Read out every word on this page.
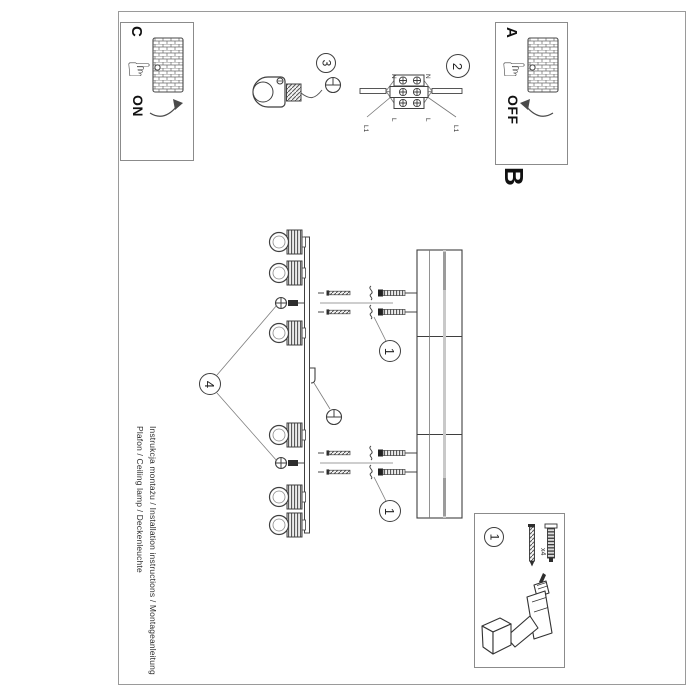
C
☞
ON
A
☞
OFF
B
3	2
4
1
1
1
N	N
L	L
L1	L1
x4
Instrukcja montażu / Installation instructions / Montageanleitung
Plafon / Ceiling lamp / Deckenleuchte
